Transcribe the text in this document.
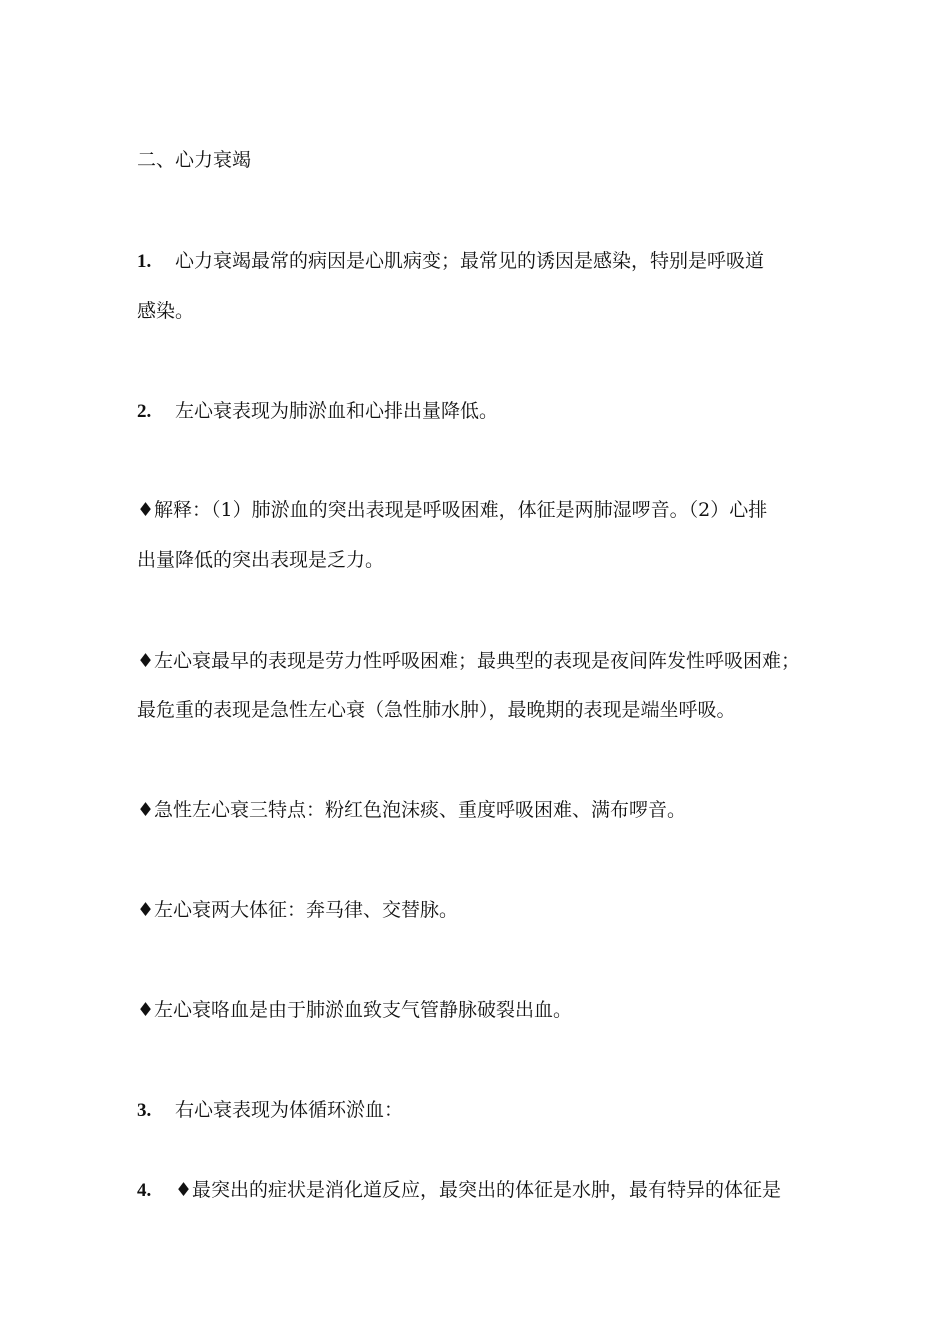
二、心力衰竭
1. 心力衰竭最常的病因是心肌病变；最常见的诱因是感染，特别是呼吸道
感染。
2. 左心衰表现为肺淤血和心排出量降低。
♦解释：（1）肺淤血的突出表现是呼吸困难，体征是两肺湿啰音。（2）心排
出量降低的突出表现是乏力。
♦左心衰最早的表现是劳力性呼吸困难；最典型的表现是夜间阵发性呼吸困难；
最危重的表现是急性左心衰（急性肺水肿），最晚期的表现是端坐呼吸。
♦急性左心衰三特点：粉红色泡沫痰、重度呼吸困难、满布啰音。
♦左心衰两大体征：奔马律、交替脉。
♦左心衰咯血是由于肺淤血致支气管静脉破裂出血。
3. 右心衰表现为体循环淤血：
4. ♦最突出的症状是消化道反应，最突出的体征是水肿，最有特异的体征是
